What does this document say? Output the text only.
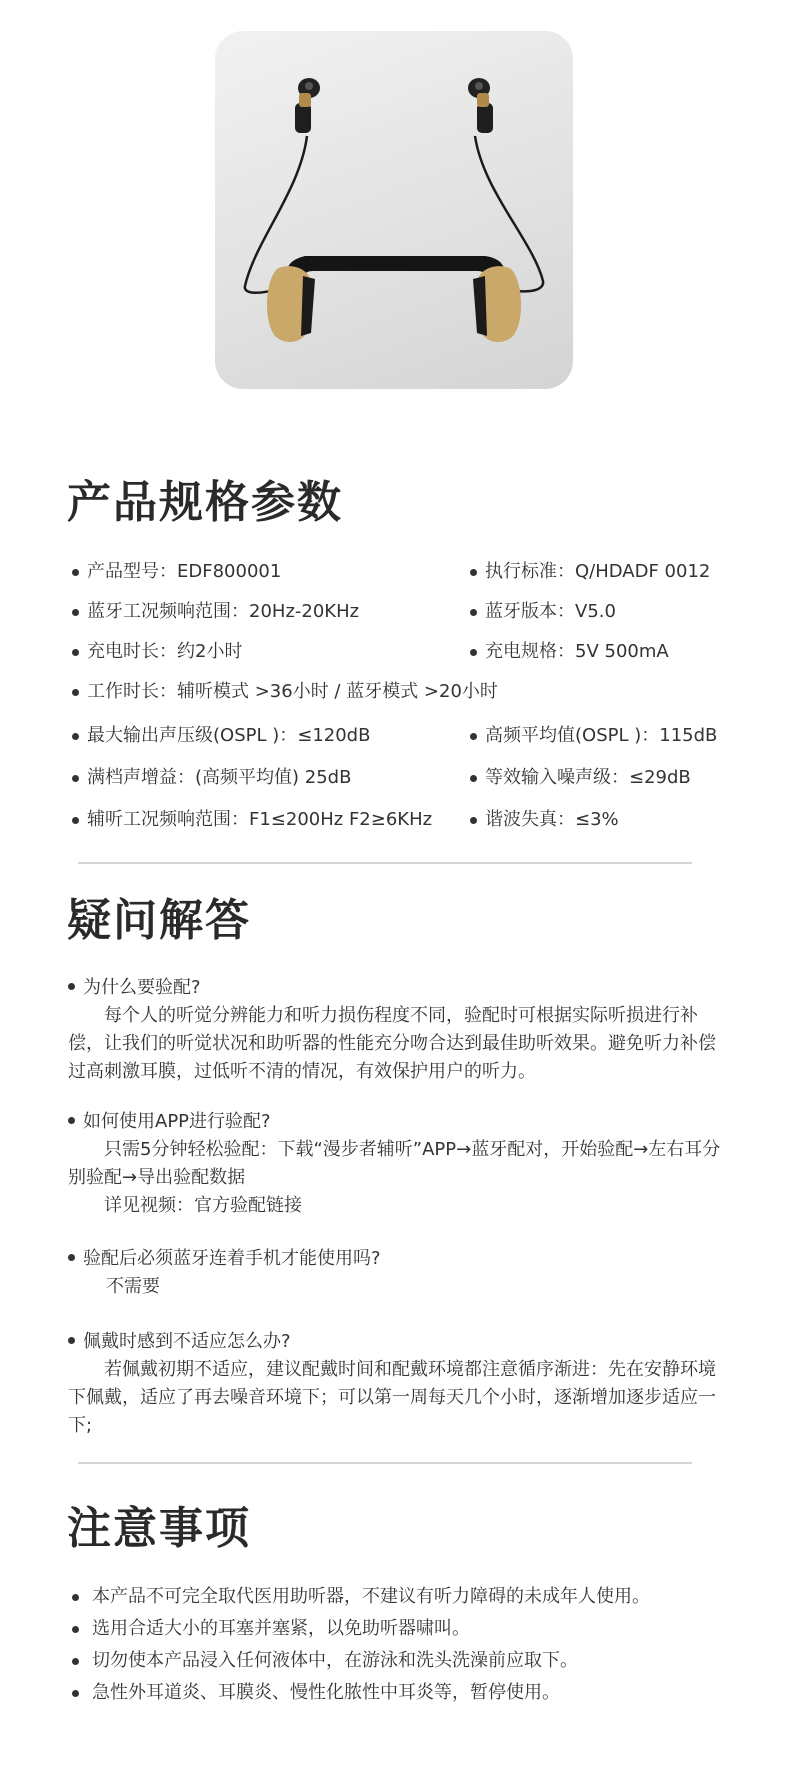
产品规格参数
产品型号：EDF800001	执行标准：Q/HDADF 0012
蓝牙工况频响范围：20Hz-20KHz	蓝牙版本：V5.0
充电时长：约2小时	充电规格：5V 500mA
工作时长：辅听模式 >36小时 / 蓝牙模式 >20小时
最大输出声压级(OSPL )：≤120dB	高频平均值(OSPL )：115dB
满档声增益：(高频平均值) 25dB	等效输入噪声级：≤29dB
辅听工况频响范围：F1≤200Hz F2≥6KHz	谐波失真：≤3%
疑问解答
为什么要验配?

每个人的听觉分辨能力和听力损伤程度不同，验配时可根据实际听损进行补偿，让我们的听觉状况和助听器的性能充分吻合达到最佳助听效果。避免听力补偿过高刺激耳膜，过低听不清的情况，有效保护用户的听力。

如何使用APP进行验配?

只需5分钟轻松验配：下载“漫步者辅听”APP→蓝牙配对，开始验配→左右耳分别验配→导出验配数据

详见视频：官方验配链接

验配后必须蓝牙连着手机才能使用吗?

不需要

佩戴时感到不适应怎么办?

若佩戴初期不适应，建议配戴时间和配戴环境都注意循序渐进：先在安静环境下佩戴，适应了再去噪音环境下；可以第一周每天几个小时，逐渐增加逐步适应一下;

注意事项
本产品不可完全取代医用助听器，不建议有听力障碍的未成年人使用。
选用合适大小的耳塞并塞紧，以免助听器啸叫。
切勿使本产品浸入任何液体中，在游泳和洗头洗澡前应取下。
急性外耳道炎、耳膜炎、慢性化脓性中耳炎等，暂停使用。
